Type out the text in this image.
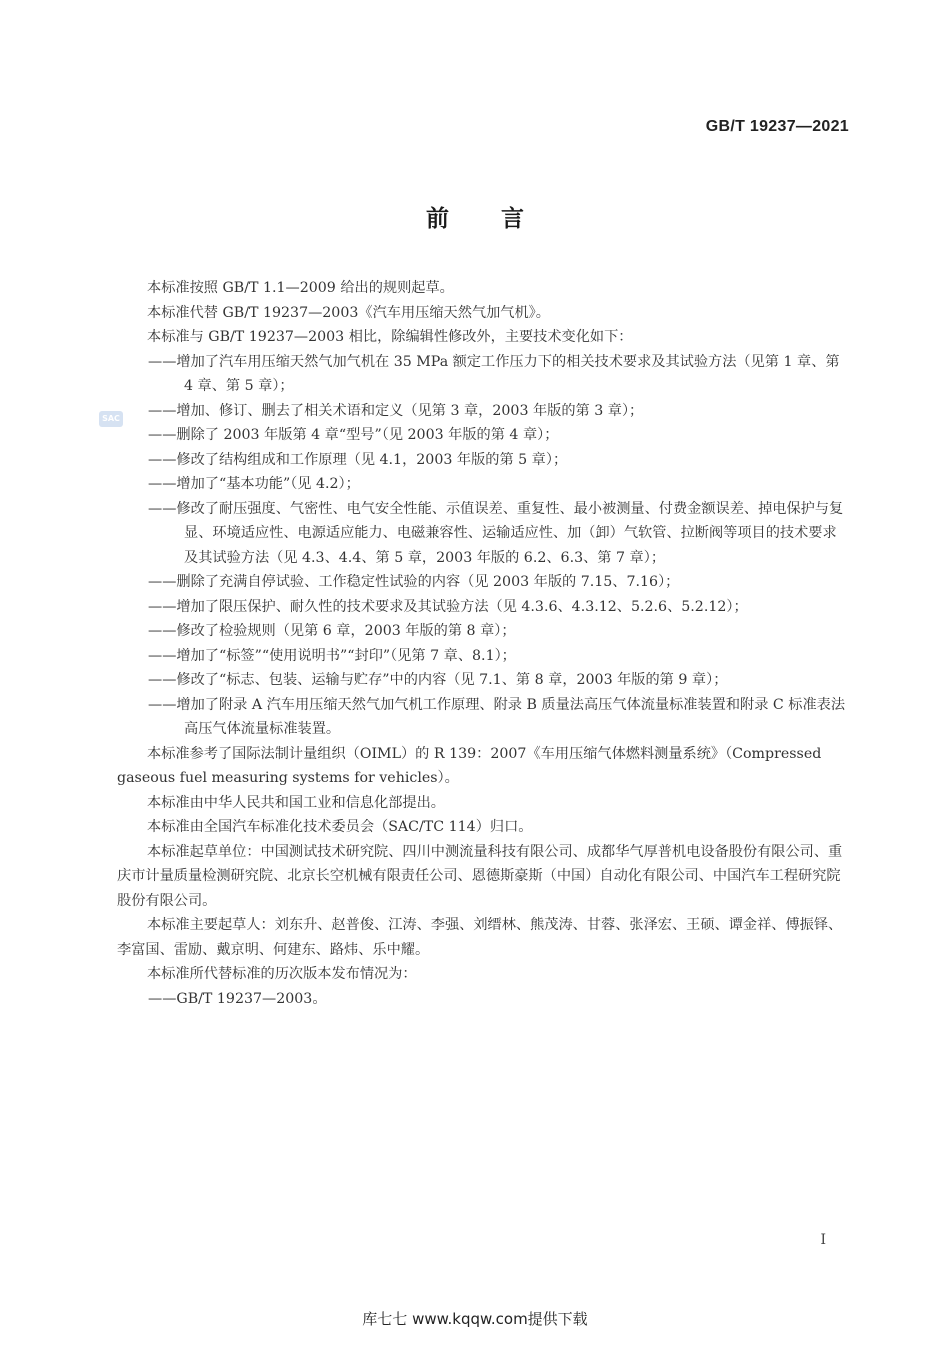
GB/T 19237—2021
前言
SAC

本标准按照 GB/T 1.1—2009 给出的规则起草。

本标准代替 GB/T 19237—2003《汽车用压缩天然气加气机》。

本标准与 GB/T 19237—2003 相比，除编辑性修改外，主要技术变化如下：

——增加了汽车用压缩天然气加气机在 35 MPa 额定工作压力下的相关技术要求及其试验方法（见第 1 章、第 4 章、第 5 章）；

——增加、修订、删去了相关术语和定义（见第 3 章，2003 年版的第 3 章）；

——删除了 2003 年版第 4 章“型号”（见 2003 年版的第 4 章）；

——修改了结构组成和工作原理（见 4.1，2003 年版的第 5 章）；

——增加了“基本功能”（见 4.2）；

——修改了耐压强度、气密性、电气安全性能、示值误差、重复性、最小被测量、付费金额误差、掉电保护与复显、环境适应性、电源适应能力、电磁兼容性、运输适应性、加（卸）气软管、拉断阀等项目的技术要求及其试验方法（见 4.3、4.4、第 5 章，2003 年版的 6.2、6.3、第 7 章）；

——删除了充满自停试验、工作稳定性试验的内容（见 2003 年版的 7.15、7.16）；

——增加了限压保护、耐久性的技术要求及其试验方法（见 4.3.6、4.3.12、5.2.6、5.2.12）；

——修改了检验规则（见第 6 章，2003 年版的第 8 章）；

——增加了“标签”“使用说明书”“封印”（见第 7 章、8.1）；

——修改了“标志、包装、运输与贮存”中的内容（见 7.1、第 8 章，2003 年版的第 9 章）；

——增加了附录 A 汽车用压缩天然气加气机工作原理、附录 B 质量法高压气体流量标准装置和附录 C 标准表法高压气体流量标准装置。

本标准参考了国际法制计量组织（OIML）的 R 139：2007《车用压缩气体燃料测量系统》（Compressed gaseous fuel measuring systems for vehicles）。

本标准由中华人民共和国工业和信息化部提出。

本标准由全国汽车标准化技术委员会（SAC/TC 114）归口。

本标准起草单位：中国测试技术研究院、四川中测流量科技有限公司、成都华气厚普机电设备股份有限公司、重庆市计量质量检测研究院、北京长空机械有限责任公司、恩德斯豪斯（中国）自动化有限公司、中国汽车工程研究院股份有限公司。

本标准主要起草人：刘东升、赵普俊、江涛、李强、刘缙林、熊茂涛、甘蓉、张泽宏、王硕、谭金祥、傅振铎、李富国、雷励、戴京明、何建东、路炜、乐中耀。

本标准所代替标准的历次版本发布情况为：

——GB/T 19237—2003。

I
库七七 www.kqqw.com提供下载
